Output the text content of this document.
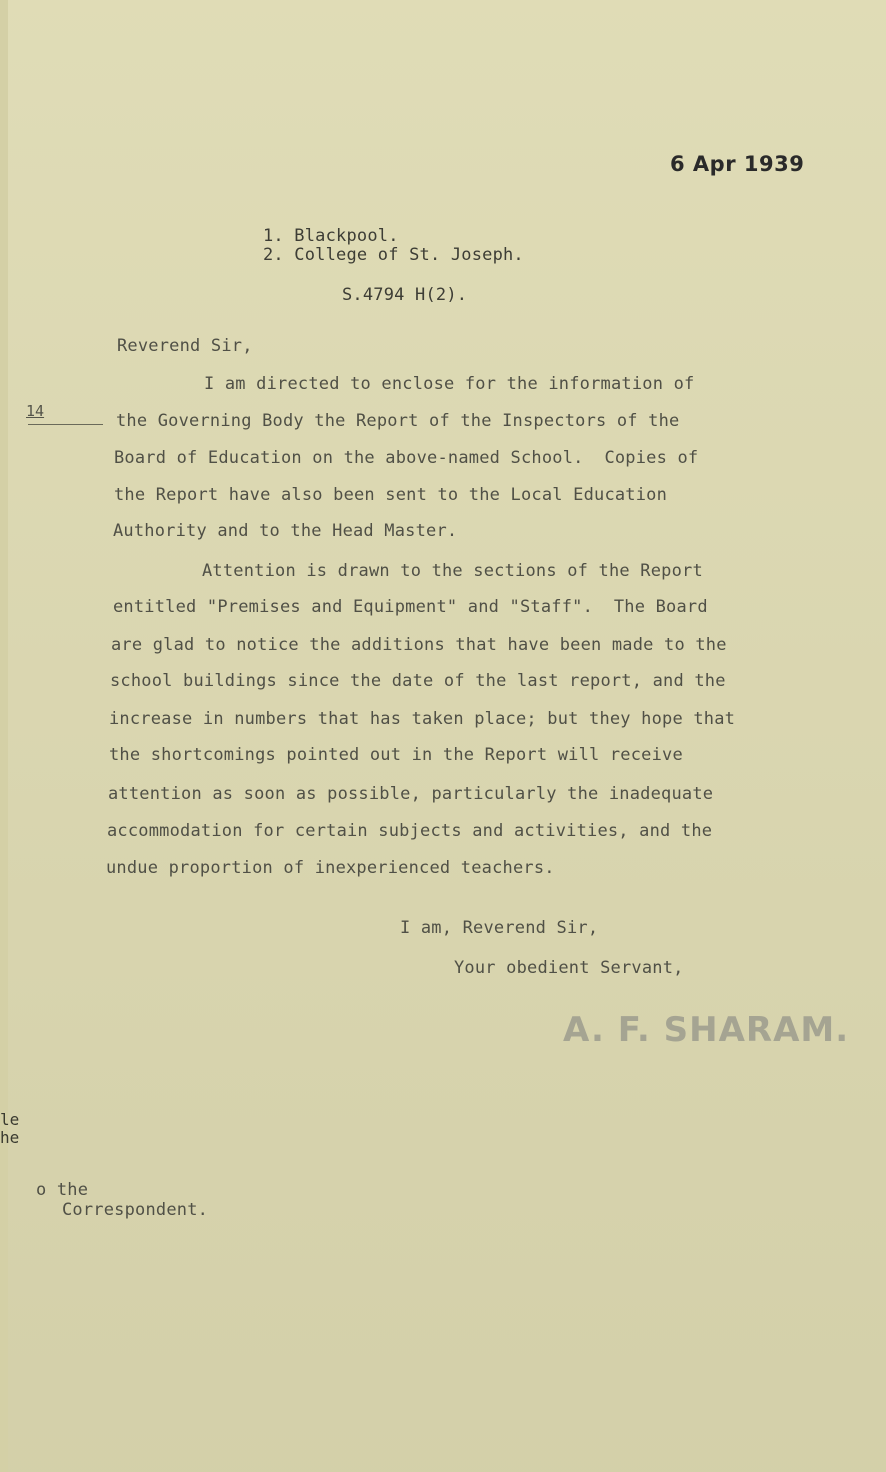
6 Apr 1939
1. Blackpool.
2. College of St. Joseph.
S.4794 H(2).
14
le
he
Reverend Sir,
I am directed to enclose for the information of
the Governing Body the Report of the Inspectors of the
Board of Education on the above-named School.  Copies of
the Report have also been sent to the Local Education
Authority and to the Head Master.
Attention is drawn to the sections of the Report
entitled "Premises and Equipment" and "Staff".  The Board
are glad to notice the additions that have been made to the
school buildings since the date of the last report, and the
increase in numbers that has taken place; but they hope that
the shortcomings pointed out in the Report will receive
attention as soon as possible, particularly the inadequate
accommodation for certain subjects and activities, and the
undue proportion of inexperienced teachers.
I am, Reverend Sir,
Your obedient Servant,
A. F. SHARAM.
o the
Correspondent.
